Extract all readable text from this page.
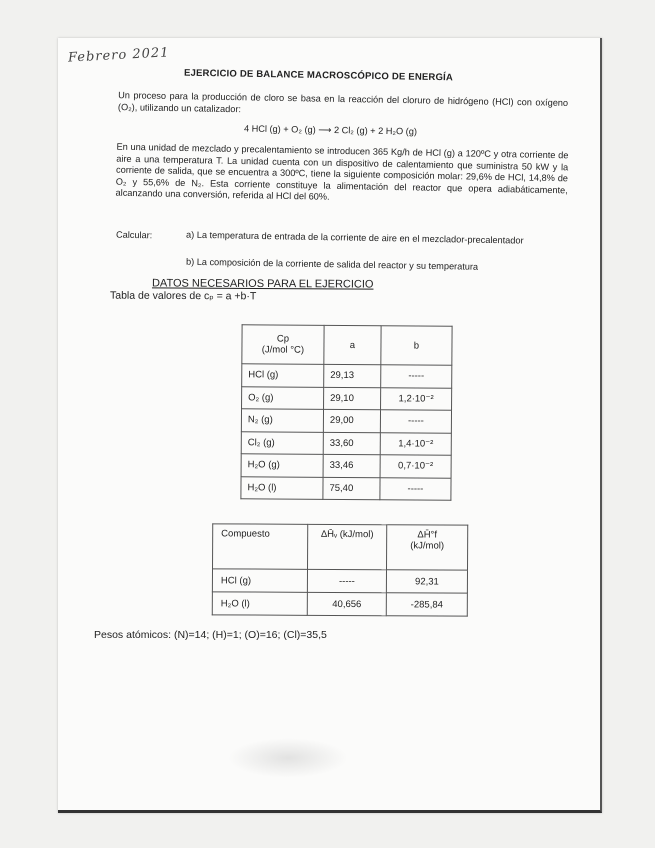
Febrero 2021
EJERCICIO DE BALANCE MACROSCÓPICO DE ENERGÍA
Un proceso para la producción de cloro se basa en la reacción del cloruro de hidrógeno (HCl) con oxígeno (O₂), utilizando un catalizador:
4 HCl (g) + O₂ (g) ⟶ 2 Cl₂ (g) + 2 H₂O (g)
En una unidad de mezclado y precalentamiento se introducen 365 Kg/h de HCl (g) a 120ºC y otra corriente de aire a una temperatura T. La unidad cuenta con un dispositivo de calentamiento que suministra 50 kW y la corriente de salida, que se encuentra a 300ºC, tiene la siguiente composición molar: 29,6% de HCl, 14,8% de O₂ y 55,6% de N₂. Esta corriente constituye la alimentación del reactor que opera adiabáticamente, alcanzando una conversión, referida al HCl del 60%.
Calcular:	a) La temperatura de entrada de la corriente de aire en el mezclador-precalentador
b) La composición de la corriente de salida del reactor y su temperatura
DATOS NECESARIOS PARA EL EJERCICIO
Tabla de valores de cₚ = a +b·T
Cp
(J/mol °C)	a	b
HCl (g)	29,13	-----
O₂ (g)	29,10	1,2·10⁻²
N₂ (g)	29,00	-----
Cl₂ (g)	33,60	1,4·10⁻²
H₂O (g)	33,46	0,7·10⁻²
H₂O (l)	75,40	-----
Compuesto	ΔH̄ᵥ (kJ/mol)	ΔH̄°f
(kJ/mol)

HCl (g)	-----	92,31
H₂O (l)	40,656	-285,84
Pesos atómicos: (N)=14; (H)=1; (O)=16; (Cl)=35,5
